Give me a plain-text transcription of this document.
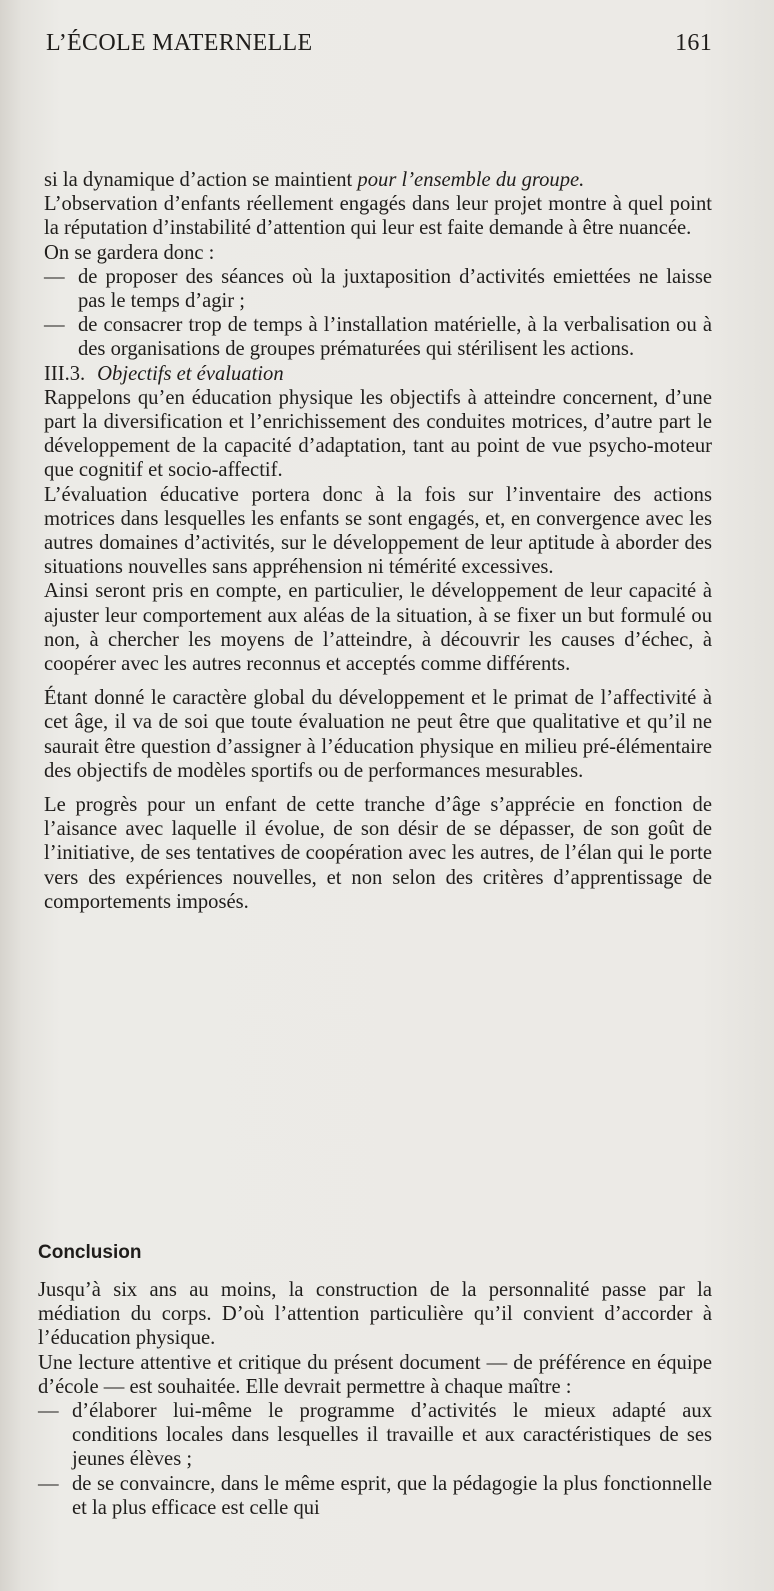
L’ÉCOLE MATERNELLE	161

si la dynamique d’action se maintient pour l’ensemble du groupe.

L’observation d’enfants réellement engagés dans leur projet montre à quel point la réputation d’instabilité d’attention qui leur est faite demande à être nuancée.

On se gardera donc :

— de proposer des séances où la juxtaposition d’activités emiettées ne laisse pas le temps d’agir ;
— de consacrer trop de temps à l’installation matérielle, à la verbalisation ou à des organisations de groupes prématurées qui stérilisent les actions.

III.3. Objectifs et évaluation

Rappelons qu’en éducation physique les objectifs à atteindre concernent, d’une part la diversification et l’enrichissement des conduites motrices, d’autre part le développement de la capacité d’adaptation, tant au point de vue psycho-moteur que cognitif et socio-affectif.

L’évaluation éducative portera donc à la fois sur l’inventaire des actions motrices dans lesquelles les enfants se sont engagés, et, en convergence avec les autres domaines d’activités, sur le développement de leur aptitude à aborder des situations nouvelles sans appréhension ni témérité excessives.

Ainsi seront pris en compte, en particulier, le développement de leur capacité à ajuster leur comportement aux aléas de la situation, à se fixer un but formulé ou non, à chercher les moyens de l’atteindre, à découvrir les causes d’échec, à coopérer avec les autres reconnus et acceptés comme différents.

Étant donné le caractère global du développement et le primat de l’affectivité à cet âge, il va de soi que toute évaluation ne peut être que qualitative et qu’il ne saurait être question d’assigner à l’éducation physique en milieu pré-élémentaire des objectifs de modèles sportifs ou de performances mesurables.

Le progrès pour un enfant de cette tranche d’âge s’apprécie en fonction de l’aisance avec laquelle il évolue, de son désir de se dépasser, de son goût de l’initiative, de ses tentatives de coopération avec les autres, de l’élan qui le porte vers des expériences nouvelles, et non selon des critères d’apprentissage de comportements imposés.

Conclusion

Jusqu’à six ans au moins, la construction de la personnalité passe par la médiation du corps. D’où l’attention particulière qu’il convient d’accorder à l’éducation physique.

Une lecture attentive et critique du présent document — de préférence en équipe d’école — est souhaitée. Elle devrait permettre à chaque maître :

— d’élaborer lui-même le programme d’activités le mieux adapté aux conditions locales dans lesquelles il travaille et aux caractéristiques de ses jeunes élèves ;
— de se convaincre, dans le même esprit, que la pédagogie la plus fonctionnelle et la plus efficace est celle qui
